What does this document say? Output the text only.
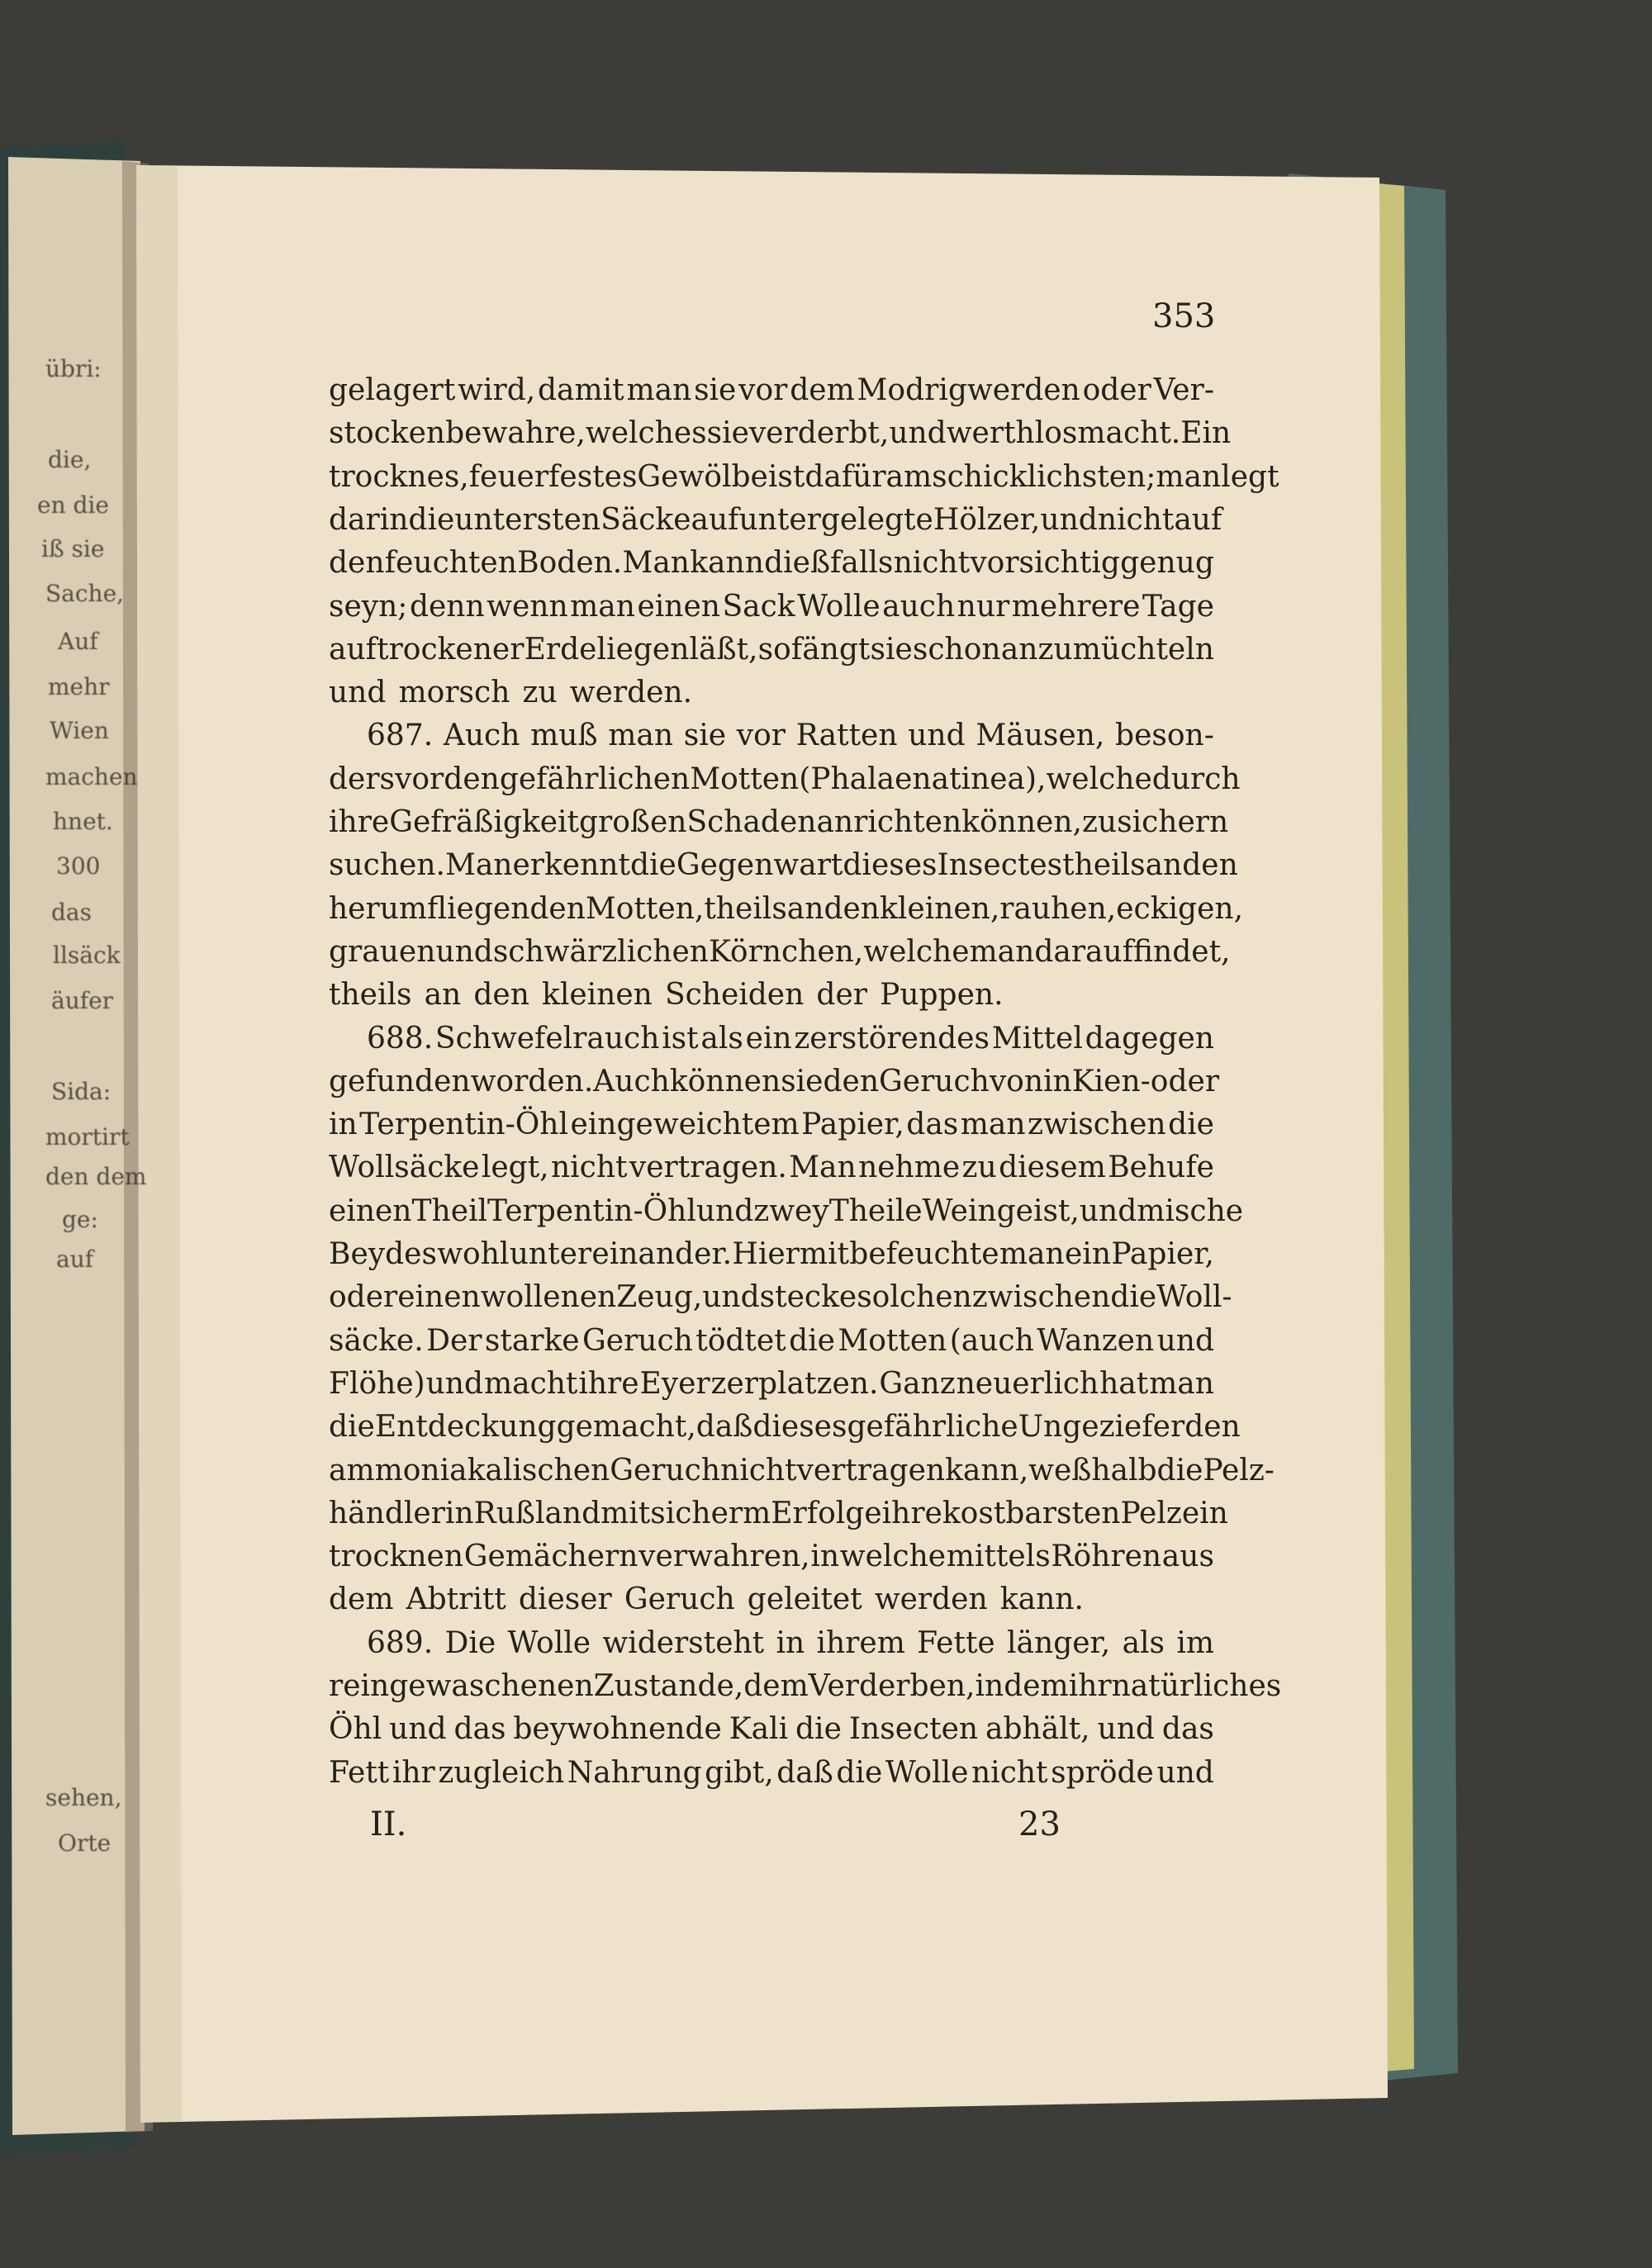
übri:
die,
en die
iß sie
Sache,
Auf
mehr
Wien
machen
hnet.
300
das
llsäck
äufer
Sida:
mortirt
den dem
ge:
auf
sehen,
Orte
353
gelagert wird, damit man sie vor dem Modrigwerden oder Ver-
stocken bewahre, welches sie verderbt, und werthlos macht. Ein
trocknes, feuerfestes Gewölbe ist dafür am schicklichsten; man legt
darin die untersten Säcke auf untergelegte Hölzer, und nicht auf
den feuchten Boden. Man kann dießfalls nicht vorsichtig genug
seyn; denn wenn man einen Sack Wolle auch nur mehrere Tage
auf trockener Erde liegen läßt, so fängt sie schon an zu müchteln
und morsch zu werden.
687. Auch muß man sie vor Ratten und Mäusen, beson-
ders vor den gefährlichen Motten (Phalaena tinea), welche durch
ihre Gefräßigkeit großen Schaden anrichten können, zu sichern
suchen. Man erkennt die Gegenwart dieses Insectes theils an den
herumfliegenden Motten, theils an den kleinen, rauhen, eckigen,
grauen und schwärzlichen Körnchen, welche man darauf findet,
theils an den kleinen Scheiden der Puppen.
688. Schwefelrauch ist als ein zerstörendes Mittel dagegen
gefunden worden. Auch können sie den Geruch von in Kien- oder
in Terpentin-Öhl eingeweichtem Papier, das man zwischen die
Wollsäcke legt, nicht vertragen. Man nehme zu diesem Behufe
einen Theil Terpentin-Öhl und zwey Theile Weingeist, und mische
Beydes wohl unter einander. Hiermit befeuchte man ein Papier,
oder einen wollenen Zeug, und stecke solchen zwischen die Woll-
säcke. Der starke Geruch tödtet die Motten (auch Wanzen und
Flöhe) und macht ihre Eyer zerplatzen. Ganz neuerlich hat man
die Entdeckung gemacht, daß dieses gefährliche Ungeziefer den
ammoniakalischen Geruch nicht vertragen kann, weßhalb die Pelz-
händler in Rußland mit sicherm Erfolge ihre kostbarsten Pelze in
trocknen Gemächern verwahren, in welche mittels Röhren aus
dem Abtritt dieser Geruch geleitet werden kann.
689. Die Wolle widersteht in ihrem Fette länger, als im
rein gewaschenen Zustande, dem Verderben, indem ihr natürliches
Öhl und das beywohnende Kali die Insecten abhält, und das
Fett ihr zugleich Nahrung gibt, daß die Wolle nicht spröde und
II.	23
